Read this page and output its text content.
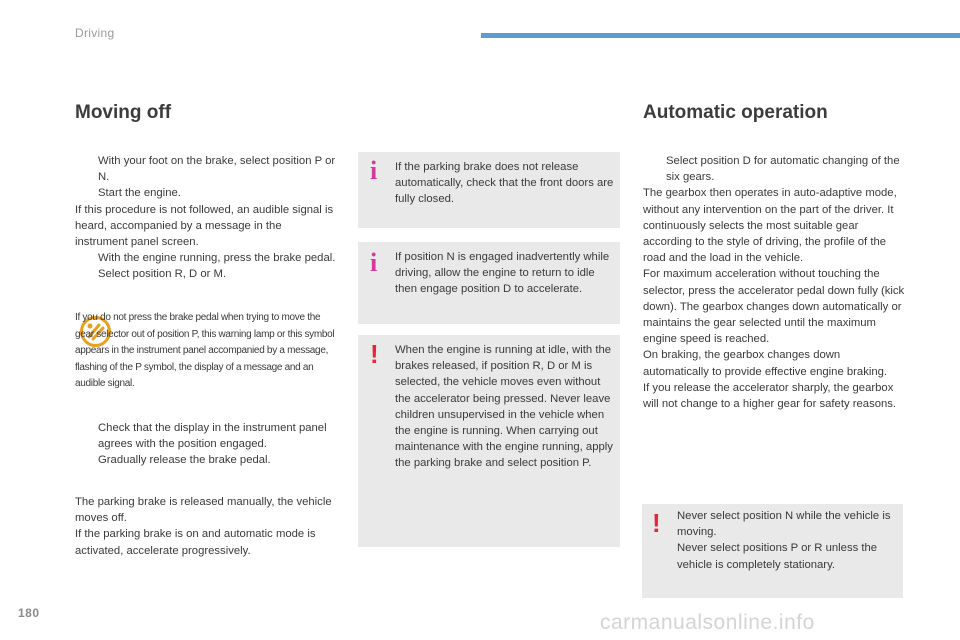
Driving
Moving off
With your foot on the brake, select position P or N.
Start the engine.

If this procedure is not followed, an audible signal is heard, accompanied by a message in the instrument panel screen.

With the engine running, press the brake pedal.
Select position R, D or M.
If you do not press the brake pedal when trying to move the gear selector out of position P, this warning lamp or this symbol appears in the instrument panel accompanied by a message, flashing of the P symbol, the display of a message and an audible signal.
Check that the display in the instrument panel agrees with the position engaged.
Gradually release the brake pedal.

The parking brake is released manually, the vehicle moves off.

If the parking brake is on and automatic mode is activated, accelerate progressively.

i If the parking brake does not release automatically, check that the front doors are fully closed.
i If position N is engaged inadvertently while driving, allow the engine to return to idle then engage position D to accelerate.
! When the engine is running at idle, with the brakes released, if position R, D or M is selected, the vehicle moves even without the accelerator being pressed. Never leave children unsupervised in the vehicle when the engine is running. When carrying out maintenance with the engine running, apply the parking brake and select position P.
Automatic operation
Select position D for automatic changing of the six gears.

The gearbox then operates in auto-adaptive mode, without any intervention on the part of the driver. It continuously selects the most suitable gear according to the style of driving, the profile of the road and the load in the vehicle.

For maximum acceleration without touching the selector, press the accelerator pedal down fully (kick down). The gearbox changes down automatically or maintains the gear selected until the maximum engine speed is reached.

On braking, the gearbox changes down automatically to provide effective engine braking.

If you release the accelerator sharply, the gearbox will not change to a higher gear for safety reasons.

! Never select position N while the vehicle is moving.

Never select positions P or R unless the vehicle is completely stationary.

180	carmanualsonline.info
